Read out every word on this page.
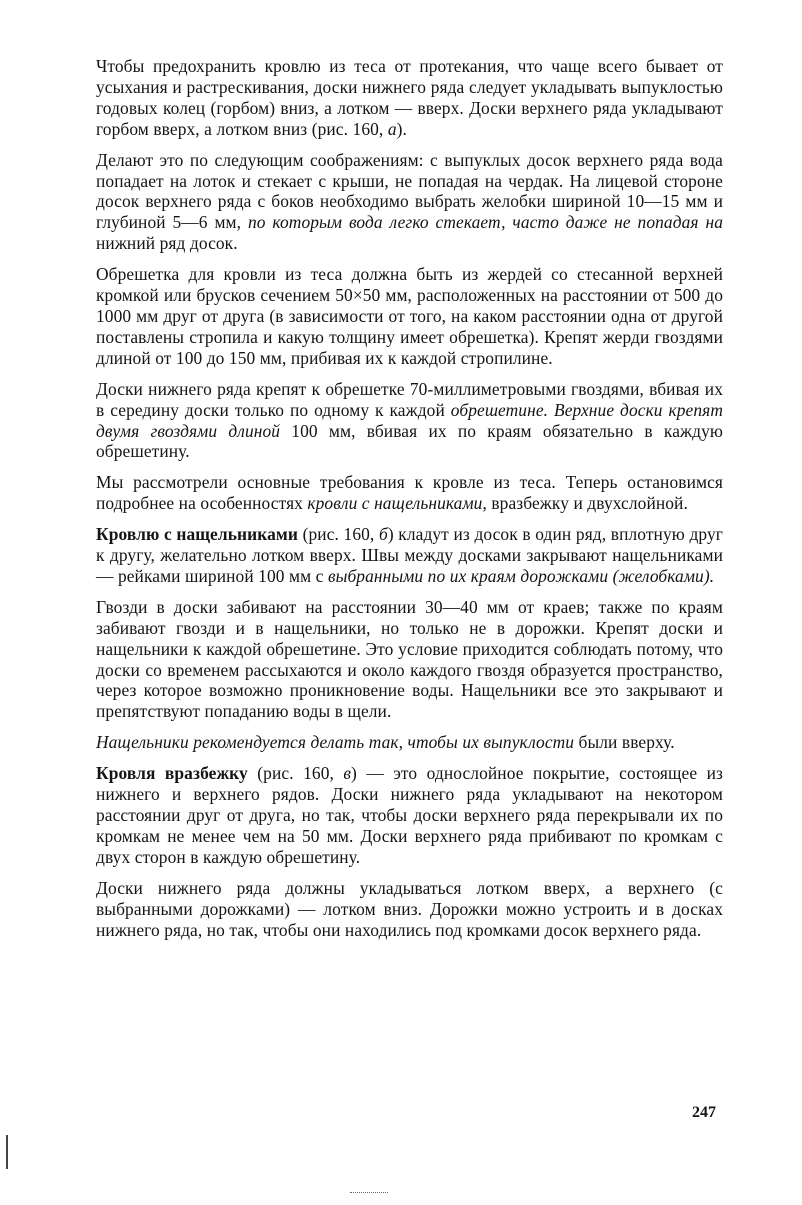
Чтобы предохранить кровлю из теса от протекания, что чаще всего бывает от усыхания и растрескивания, доски нижнего ряда следует укладывать выпуклостью годовых колец (горбом) вниз, а лотком — вверх. Доски верхнего ряда укладывают горбом вверх, а лотком вниз (рис. 160, а).

Делают это по следующим соображениям: с выпуклых досок верхнего ряда вода попадает на лоток и стекает с крыши, не попадая на чердак. На лицевой стороне досок верхнего ряда с боков необходимо выбрать желобки шириной 10—15 мм и глубиной 5—6 мм, по которым вода легко стекает, часто даже не попадая на нижний ряд досок.

Обрешетка для кровли из теса должна быть из жердей со стесанной верхней кромкой или брусков сечением 50×50 мм, расположенных на расстоянии от 500 до 1000 мм друг от друга (в зависимости от того, на каком расстоянии одна от другой поставлены стропила и какую толщину имеет обрешетка). Крепят жерди гвоздями длиной от 100 до 150 мм, прибивая их к каждой стропилине.

Доски нижнего ряда крепят к обрешетке 70-миллиметровыми гвоздями, вбивая их в середину доски только по одному к каждой обрешетине. Верхние доски крепят двумя гвоздями длиной 100 мм, вбивая их по краям обязательно в каждую обрешетину.

Мы рассмотрели основные требования к кровле из теса. Теперь остановимся подробнее на особенностях кровли с нащельниками, вразбежку и двухслойной.

Кровлю с нащельниками (рис. 160, б) кладут из досок в один ряд, вплотную друг к другу, желательно лотком вверх. Швы между досками закрывают нащельниками — рейками шириной 100 мм с выбранными по их краям дорожками (желобками).

Гвозди в доски забивают на расстоянии 30—40 мм от краев; также по краям забивают гвозди и в нащельники, но только не в дорожки. Крепят доски и нащельники к каждой обрешетине. Это условие приходится соблюдать потому, что доски со временем рассыхаются и около каждого гвоздя образуется пространство, через которое возможно проникновение воды. Нащельники все это закрывают и препятствуют попаданию воды в щели.

Нащельники рекомендуется делать так, чтобы их выпуклости были вверху.

Кровля вразбежку (рис. 160, в) — это однослойное покрытие, состоящее из нижнего и верхнего рядов. Доски нижнего ряда укладывают на некотором расстоянии друг от друга, но так, чтобы доски верхнего ряда перекрывали их по кромкам не менее чем на 50 мм. Доски верхнего ряда прибивают по кромкам с двух сторон в каждую обрешетину.

Доски нижнего ряда должны укладываться лотком вверх, а верхнего (с выбранными дорожками) — лотком вниз. Дорожки можно устроить и в досках нижнего ряда, но так, чтобы они находились под кромками досок верхнего ряда.

247
